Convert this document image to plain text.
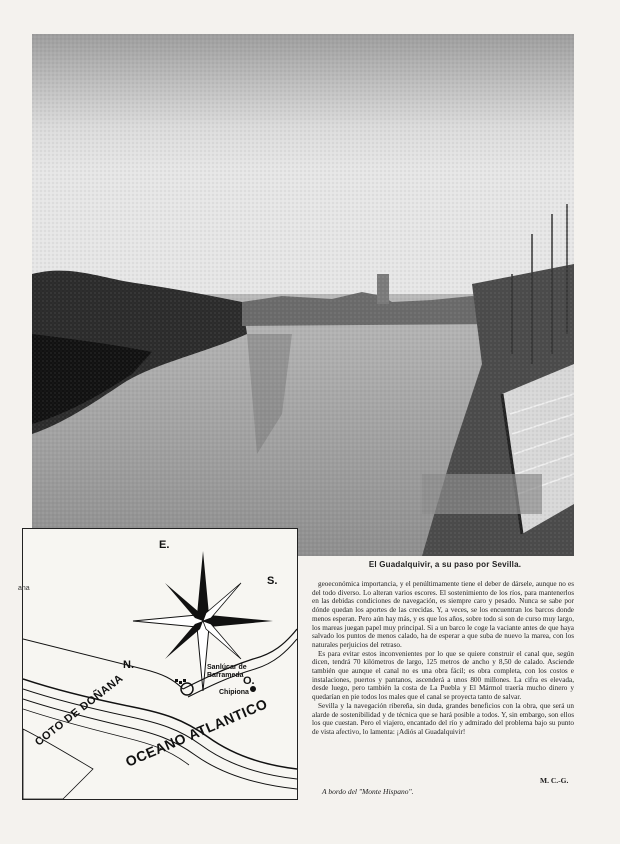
El Guadalquivir, a su paso por Sevilla.
E.
S.
N.
O.
Sanlúcar de Barrameda
Chipiona
COTO DE DOÑANA
OCEANO ATLANTICO
ana

geoeconómica importancia, y el penúltimamente tiene el deber de dársele, aunque no es del todo diverso. Lo alteran varios escores. El sostenimiento de los ríos, para mantenerlos en las debidas condiciones de navegación, es siempre caro y pesado. Nunca se sabe por dónde quedan los aportes de las crecidas. Y, a veces, se los encuentran los barcos donde menos esperan. Pero aún hay más, y es que los años, sobre todo si son de curso muy largo, los mareas juegan papel muy principal. Si a un barco le coge la vaciante antes de que haya salvado los puntos de menos calado, ha de esperar a que suba de nuevo la marea, con los naturales perjuicios del retraso.

Es para evitar estos inconvenientes por lo que se quiere construir el canal que, según dicen, tendrá 70 kilómetros de largo, 125 metros de ancho y 8,50 de calado. Asciende también que aunque el canal no es una obra fácil; es obra completa, con los costos e instalaciones, puertos y pantanos, ascenderá a unos 800 millones. La cifra es elevada, desde luego, pero también la costa de La Puebla y El Mármol traería mucho dinero y quedarían en pie todos los males que el canal se proyecta tanto de salvar.

Sevilla y la navegación ribereña, sin duda, grandes beneficios con la obra, que será un alarde de sostenibilidad y de técnica que se hará posible a todos. Y, sin embargo, son ellos los que cuestan. Pero el viajero, encantado del río y admirado del problema bajo su punto de vista afectivo, lo lamenta: ¡Adiós al Guadalquivir!

M. C.-G.
A bordo del "Monte Hispano".
